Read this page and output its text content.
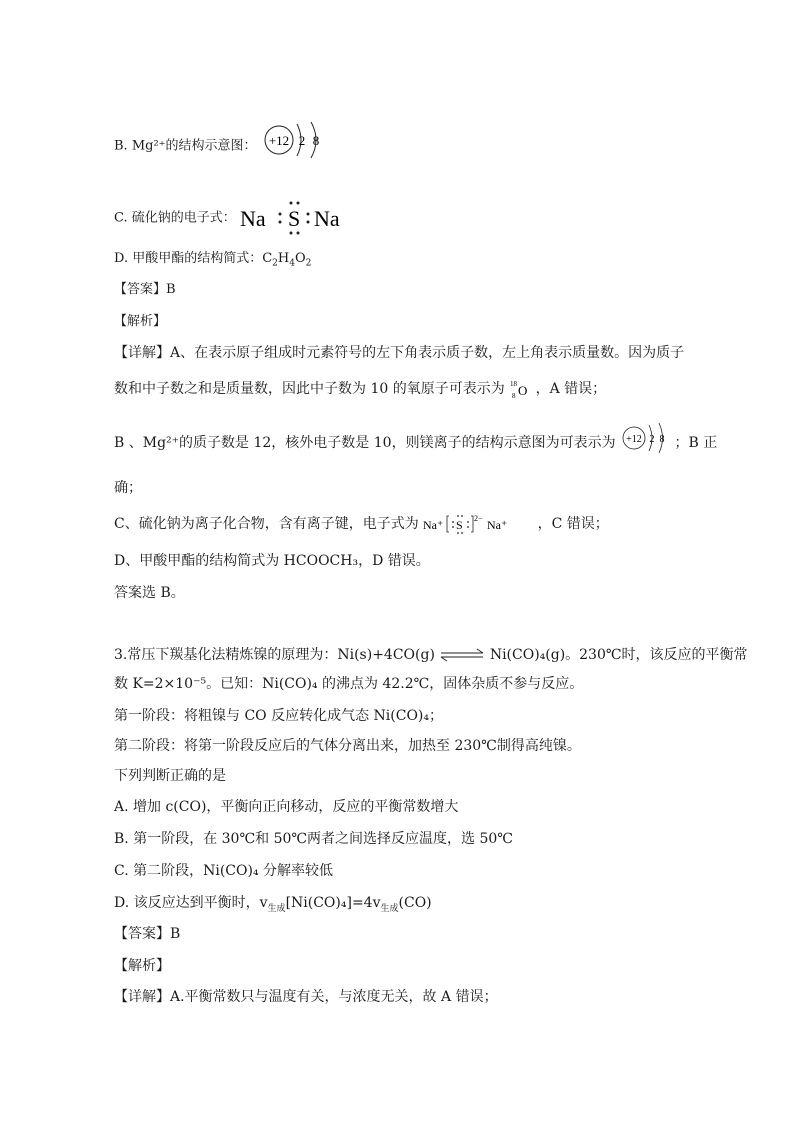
B. Mg²⁺的结构示意图： +12 2 8
C. 硫化钠的电子式： Na S Na
D. 甲酸甲酯的结构简式：$C_2H_4O_2$
【答案】B
【解析】
【详解】A、在表示原子组成时元素符号的左下角表示质子数，左上角表示质量数。因为质子
数和中子数之和是质量数，因此中子数为 10 的氧原子可表示为 18
8 O ，A 错误；
B 、Mg²⁺的质子数是 12，核外电子数是 10，则镁离子的结构示意图为可表示为 +12 2 8 ；B 正
确；
C、硫化钠为离子化合物，含有离子键，电子式为 Na⁺ S 2− Na⁺ ，C 错误；
D、甲酸甲酯的结构简式为 HCOOCH₃，D 错误。
答案选 B。
3.常压下羰基化法精炼镍的原理为：Ni(s)+4CO(g) ⇌ Ni(CO)₄(g)。230℃时，该反应的平衡常
数 K=2×10⁻⁵。已知：Ni(CO)₄ 的沸点为 42.2℃，固体杂质不参与反应。
第一阶段：将粗镍与 CO 反应转化成气态 Ni(CO)₄；
第二阶段：将第一阶段反应后的气体分离出来，加热至 230℃制得高纯镍。
下列判断正确的是
A. 增加 c(CO)，平衡向正向移动，反应的平衡常数增大
B. 第一阶段，在 30℃和 50℃两者之间选择反应温度，选 50℃
C. 第二阶段，Ni(CO)₄ 分解率较低
D. 该反应达到平衡时，$v_{生成}[Ni(CO)_4]=4v_{生成}(CO)$
【答案】B
【解析】
【详解】A.平衡常数只与温度有关，与浓度无关，故 A 错误；
